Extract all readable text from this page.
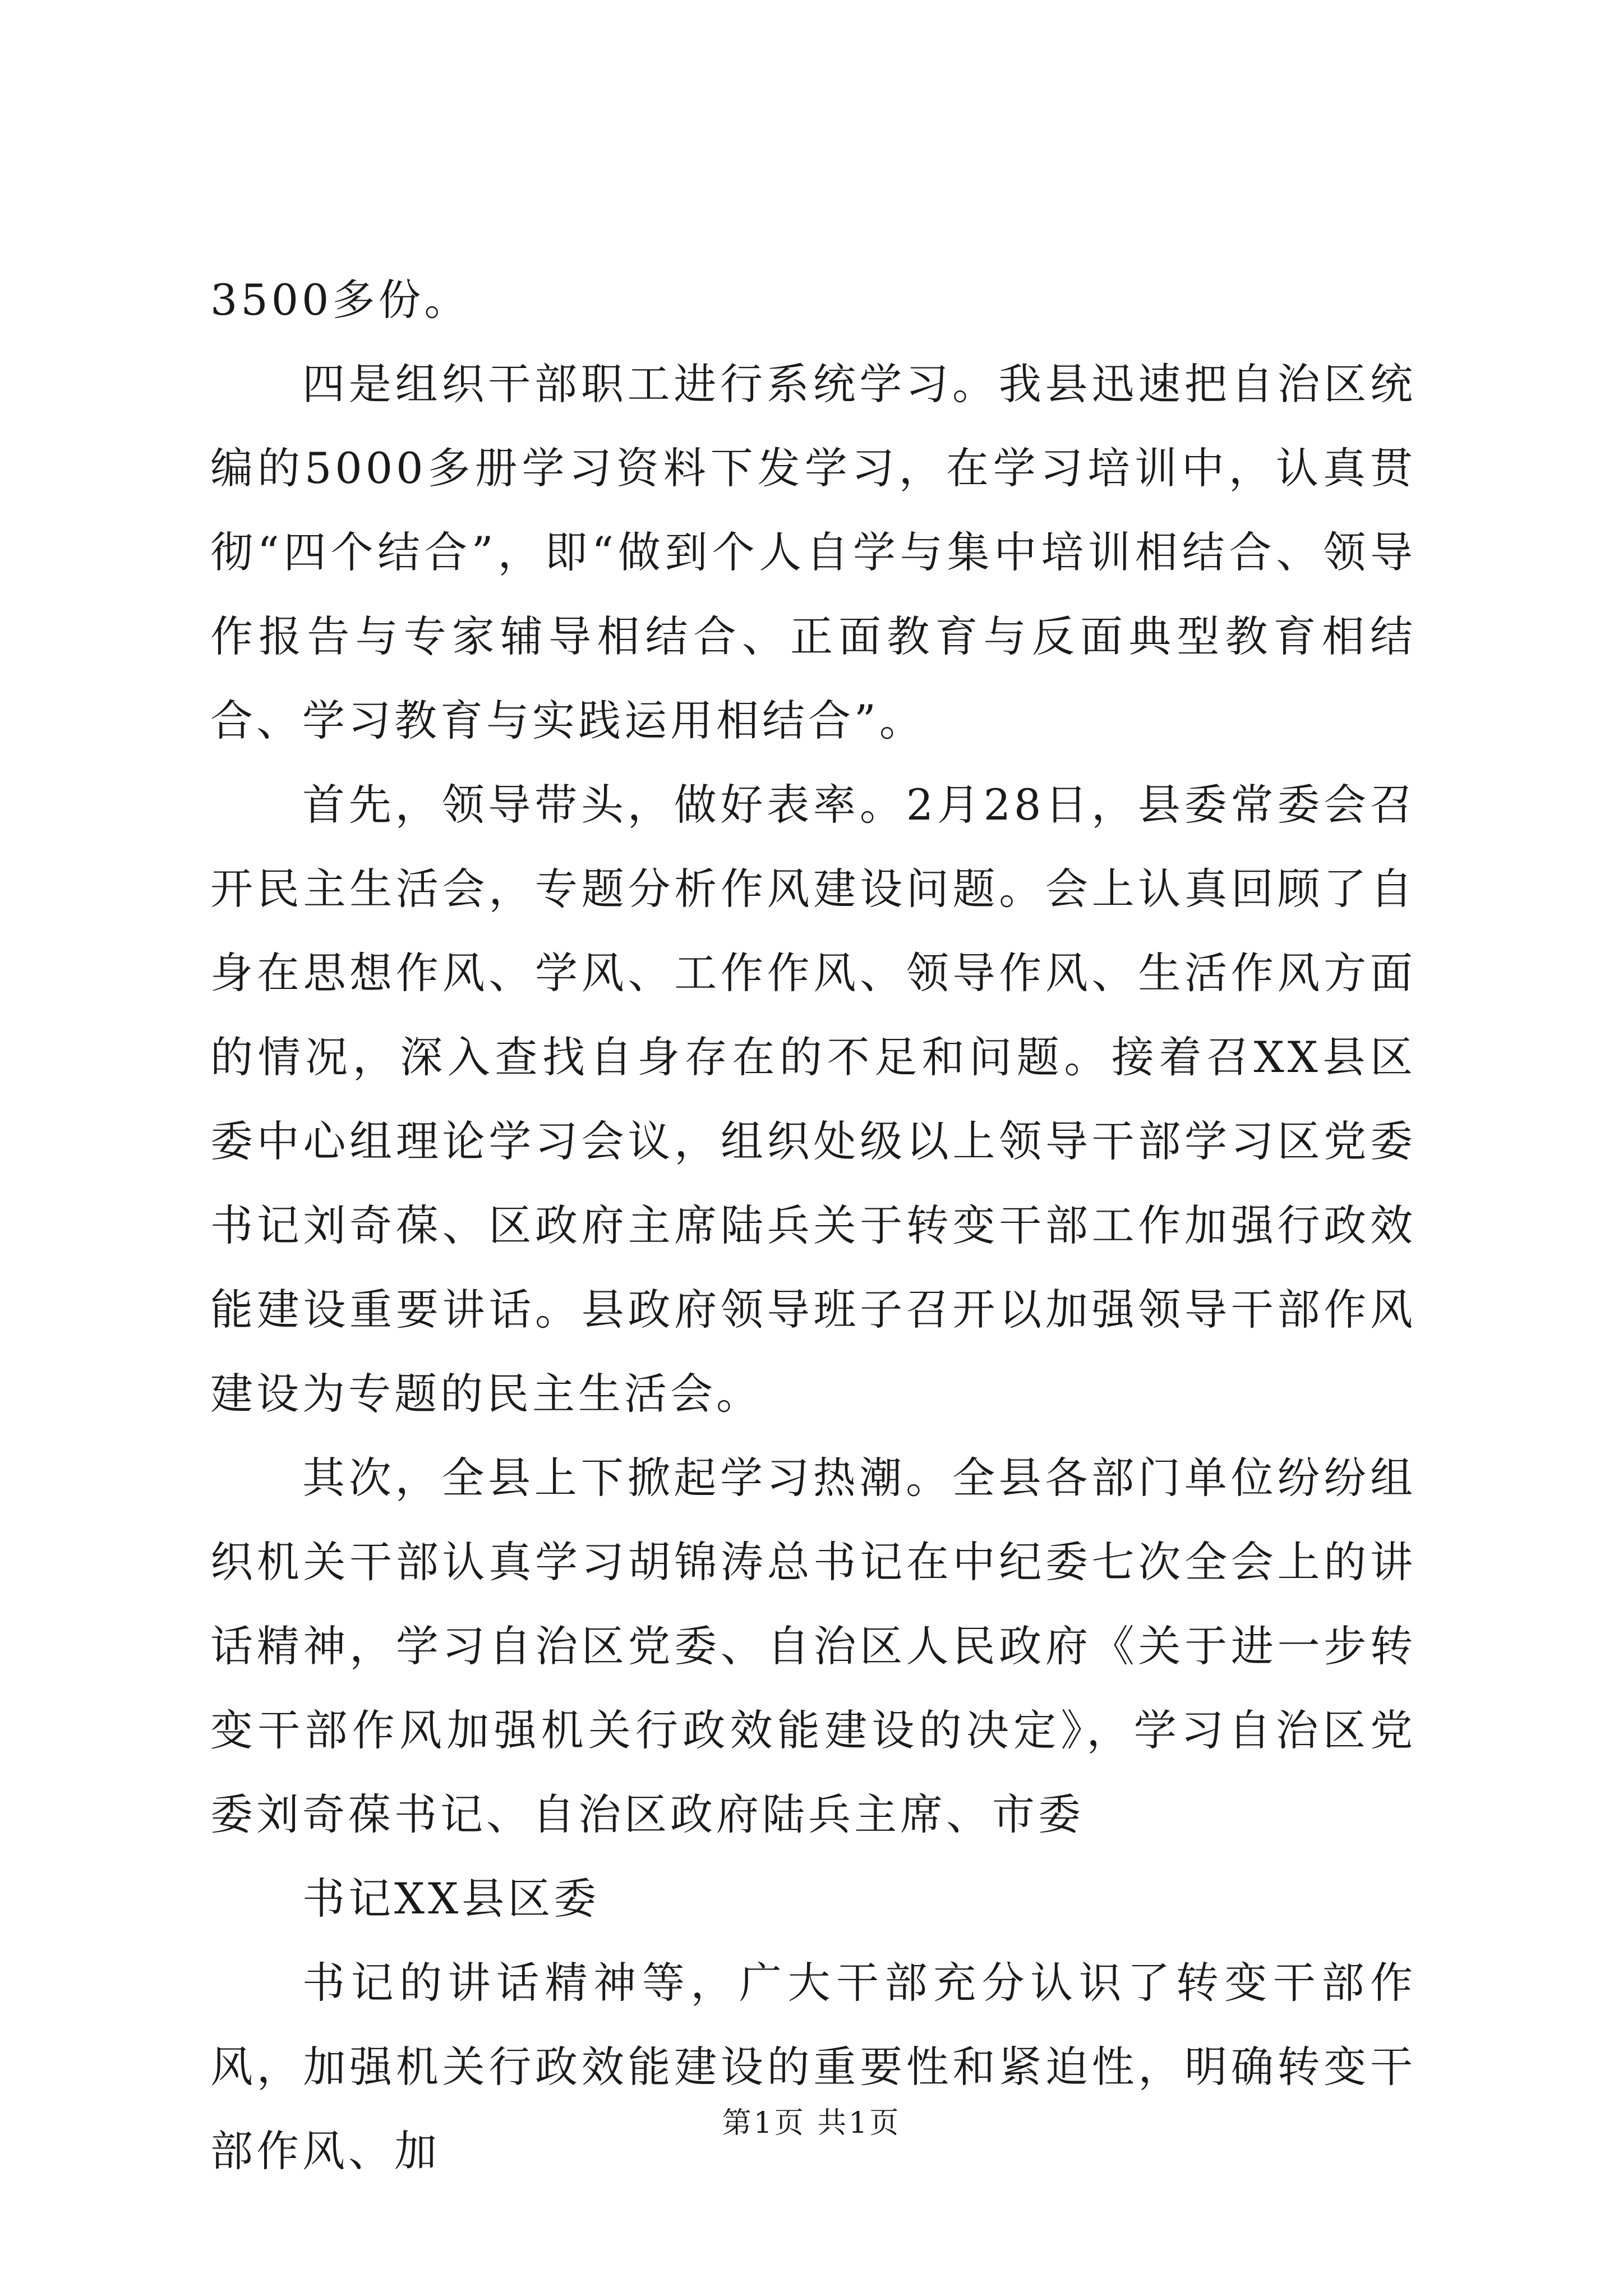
3500多份。

四是组织干部职工进行系统学习。我县迅速把自治区统编的5000多册学习资料下发学习，在学习培训中，认真贯彻“四个结合”，即“做到个人自学与集中培训相结合、领导作报告与专家辅导相结合、正面教育与反面典型教育相结合、学习教育与实践运用相结合”。

首先，领导带头，做好表率。2月28日，县委常委会召开民主生活会，专题分析作风建设问题。会上认真回顾了自身在思想作风、学风、工作作风、领导作风、生活作风方面的情况，深入查找自身存在的不足和问题。接着召XX县区委中心组理论学习会议，组织处级以上领导干部学习区党委书记刘奇葆、区政府主席陆兵关于转变干部工作加强行政效能建设重要讲话。县政府领导班子召开以加强领导干部作风建设为专题的民主生活会。

其次，全县上下掀起学习热潮。全县各部门单位纷纷组织机关干部认真学习胡锦涛总书记在中纪委七次全会上的讲话精神，学习自治区党委、自治区人民政府《关于进一步转变干部作风加强机关行政效能建设的决定》，学习自治区党委刘奇葆书记、自治区政府陆兵主席、市委

书记XX县区委

书记的讲话精神等，广大干部充分认识了转变干部作风，加强机关行政效能建设的重要性和紧迫性，明确转变干部作风、加

第1页 共1页
